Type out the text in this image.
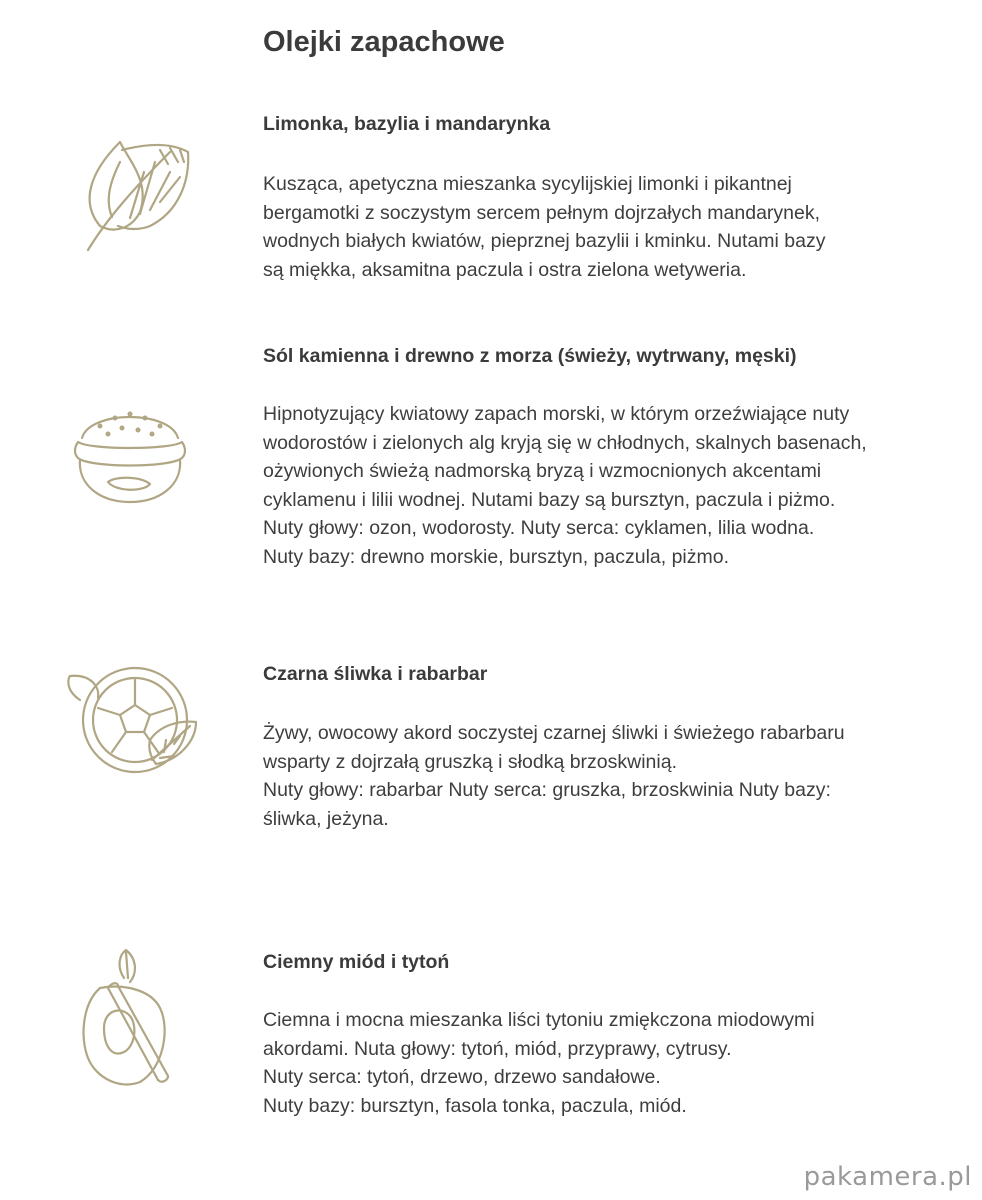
Olejki zapachowe
Limonka, bazylia i mandarynka
Kusząca, apetyczna mieszanka sycylijskiej limonki i pikantnej
bergamotki z soczystym sercem pełnym dojrzałych mandarynek,
wodnych białych kwiatów, pieprznej bazylii i kminku. Nutami bazy
są miękka, aksamitna paczula i ostra zielona wetyweria.
Sól kamienna i drewno z morza (świeży, wytrwany, męski)
Hipnotyzujący kwiatowy zapach morski, w którym orzeźwiające nuty
wodorostów i zielonych alg kryją się w chłodnych, skalnych basenach,
ożywionych świeżą nadmorską bryzą i wzmocnionych akcentami
cyklamenu i lilii wodnej. Nutami bazy są bursztyn, paczula i piżmo.
Nuty głowy: ozon, wodorosty. Nuty serca: cyklamen, lilia wodna.
Nuty bazy: drewno morskie, bursztyn, paczula, piżmo.
Czarna śliwka i rabarbar
Żywy, owocowy akord soczystej czarnej śliwki i świeżego rabarbaru
wsparty z dojrzałą gruszką i słodką brzoskwinią.
Nuty głowy: rabarbar Nuty serca: gruszka, brzoskwinia Nuty bazy:
śliwka, jeżyna.
Ciemny miód i tytoń
Ciemna i mocna mieszanka liści tytoniu zmiękczona miodowymi
akordami. Nuta głowy: tytoń, miód, przyprawy, cytrusy.
Nuty serca: tytoń, drzewo, drzewo sandałowe.
Nuty bazy: bursztyn, fasola tonka, paczula, miód.
pakamera.pl
